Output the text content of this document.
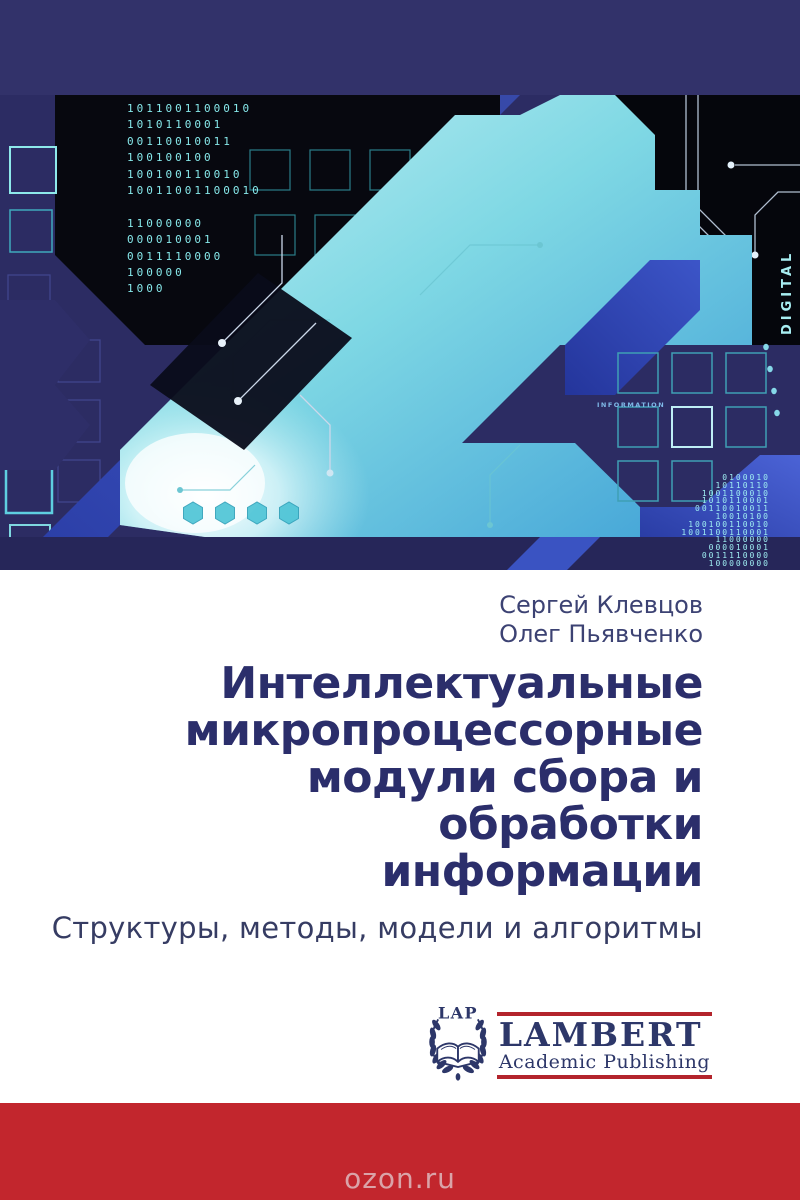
INFORMATION
DIGITAL
1011001100010
1010110001
00110010011
100100100
100100110010
10011001100010
11000000
000010001
0011110000
100000
1000
0100010
10110110
1001100010
1010110001
00110010011
10010100
100100110010
1001100110001
11000000
000010001
0011110000
100000000
Сергей Клевцов
Олег Пьявченко
Интеллектуальные
микропроцессорные
модули сбора и
обработки
информации
Структуры, методы, модели и алгоритмы
LAP
LAMBERT
Academic Publishing
ozon.ru
